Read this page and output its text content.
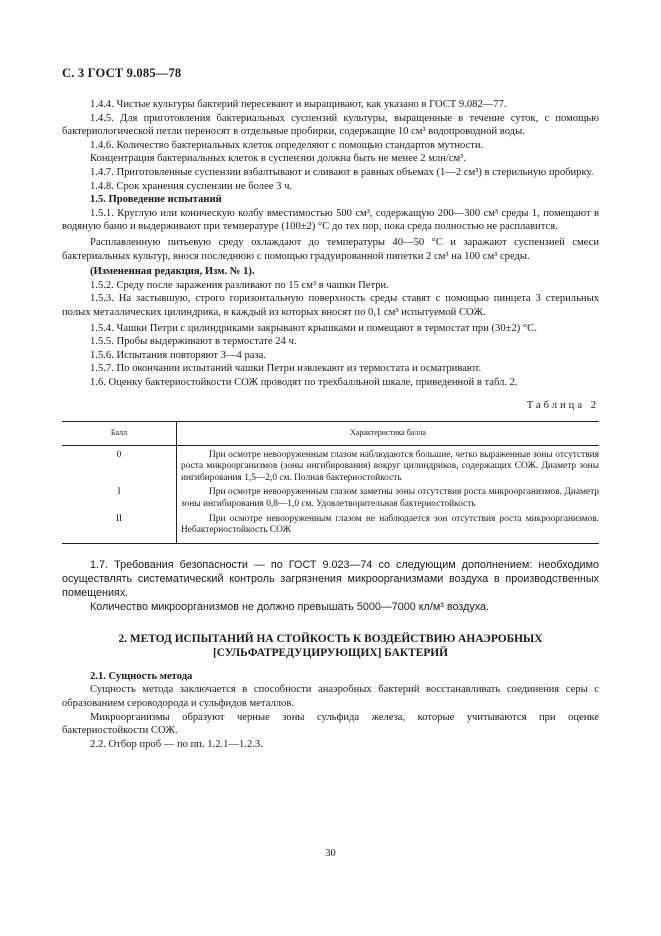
С. 3 ГОСТ 9.085—78

1.4.4. Чистые культуры бактерий пересевают и выращивают, как указано в ГОСТ 9.082—77.

1.4.5. Для приготовления бактериальных суспензий культуры, выращенные в течение суток, с помощью бактериологической петли переносят в отдельные пробирки, содержащие 10 см³ водопроводной воды.

1.4.6. Количество бактериальных клеток определяют с помощью стандартов мутности.

Концентрация бактериальных клеток в суспензии должна быть не менее 2 млн/см³.

1.4.7. Приготовленные суспензии взбалтывают и сливают в равных объемах (1—2 см³) в стерильную пробирку.

1.4.8. Срок хранения суспензии не более 3 ч.

1.5. Проведение испытаний

1.5.1. Круглую или коническую колбу вместимостью 500 см³, содержащую 200—300 см³ среды 1, помещают в водяную баню и выдерживают при температуре (100±2) °С до тех пор, пока среда полностью не расплавится.

Расплавленную питьевую среду охлаждают до температуры 40—50 °С и заражают суспензией смеси бактериальных культур, внося последнюю с помощью градуированной пипетки 2 см³ на 100 см³ среды.

(Измененная редакция, Изм. № 1).

1.5.2. Среду после заражения разливают по 15 см³ в чашки Петри.

1.5.3. На застывшую, строго горизонтальную поверхность среды ставят с помощью пинцета 3 стерильных полых металлических цилиндрика, в каждый из которых вносят по 0,1 см³ испытуемой СОЖ.

1.5.4. Чашки Петри с цилиндриками закрывают крышками и помещают в термостат при (30±2) °С.

1.5.5. Пробы выдерживают в термостате 24 ч.

1.5.6. Испытания повторяют 3—4 раза.

1.5.7. По окончании испытаний чашки Петри извлекают из термостата и осматривают.

1.6. Оценку бактериостойкости СОЖ проводят по трехбалльной шкале, приведенной в табл. 2.

Таблица 2
Балл	Характеристика балла
0	При осмотре невооруженным глазом наблюдаются большие, четко выраженные зоны отсутствия роста микроорганизмов (зоны ингибирования) вокруг цилиндриков, содержащих СОЖ. Диаметр зоны ингибирования 1,5—2,0 см. Полная бактериостойкость

I	При осмотре невооруженным глазом заметны зоны отсутствия роста микроорганизмов. Диаметр зоны ингибирования 0,8—1,0 см. Удовлетворительная бактериостойкость

II	При осмотре невооруженным глазом не наблюдается зон отсутствия роста микроорганизмов. Небактериостойкость СОЖ

1.7. Требования безопасности — по ГОСТ 9.023—74 со следующим дополнением: необходимо осуществлять систематический контроль загрязнения микроорганизмами воздуха в производственных помещениях.

Количество микроорганизмов не должно превышать 5000—7000 кл/м³ воздуха.

2. МЕТОД ИСПЫТАНИЙ НА СТОЙКОСТЬ К ВОЗДЕЙСТВИЮ АНАЭРОБНЫХ [СУЛЬФАТРЕДУЦИРУЮЩИХ] БАКТЕРИЙ

2.1. Сущность метода

Сущность метода заключается в способности анаэробных бактерий восстанавливать соединения серы с образованием сероводорода и сульфидов металлов.

Микроорганизмы образуют черные зоны сульфида железа, которые учитываются при оценке бактериостойкости СОЖ.

2.2. Отбор проб — по пп. 1.2.1—1.2.3.

30
